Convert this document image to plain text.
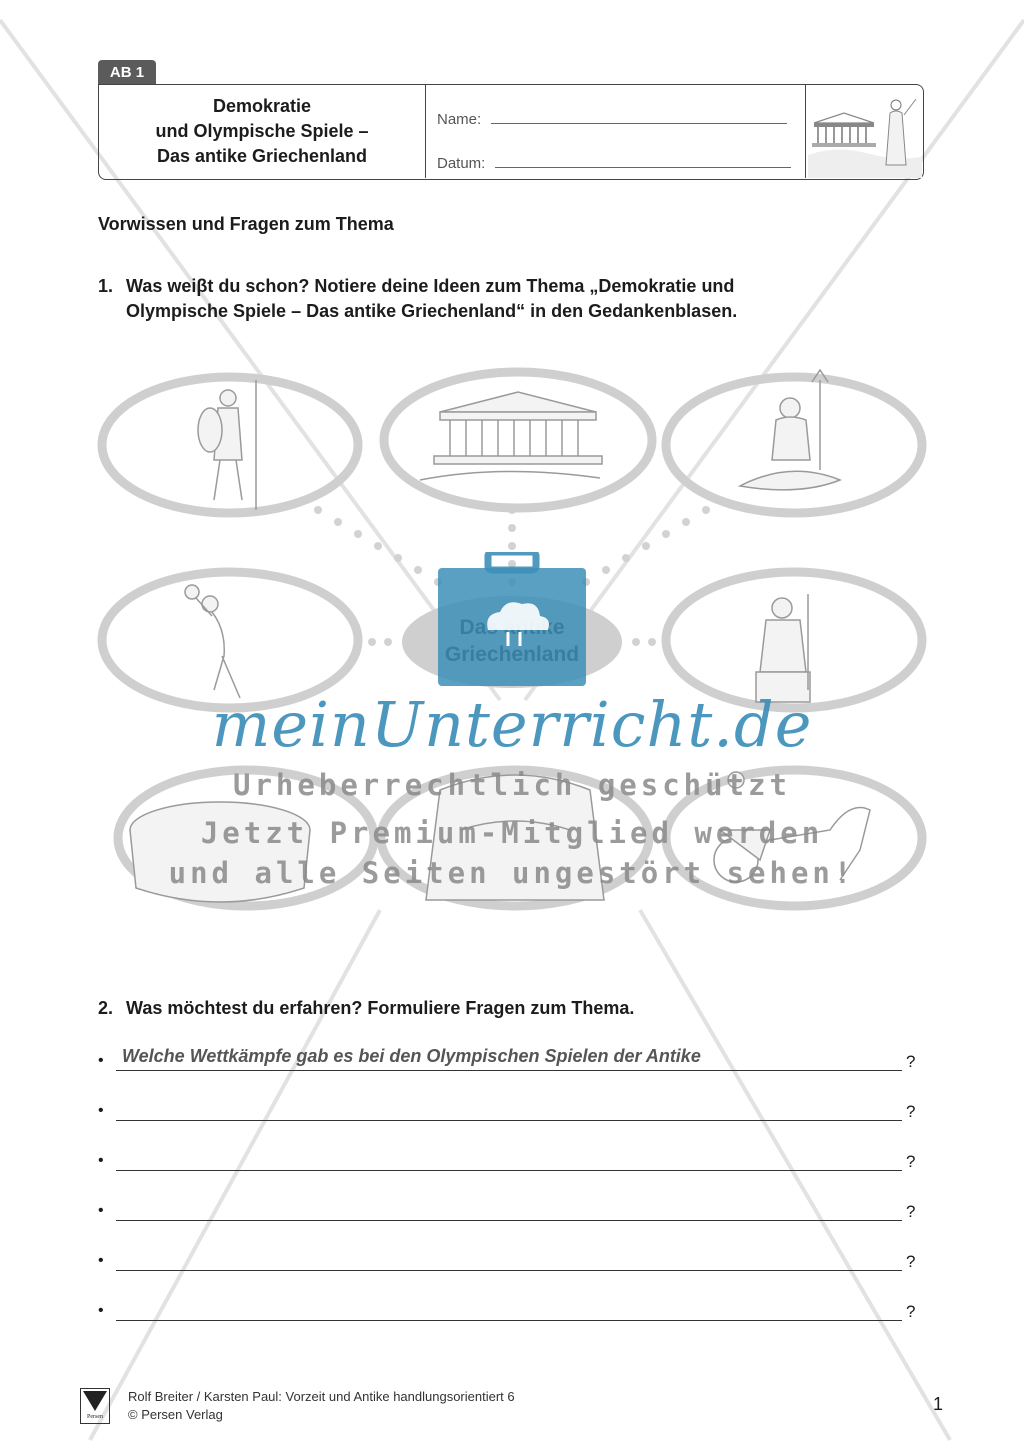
AB 1
Demokratie
und Olympische Spiele –
Das antike Griechenland
Name:
Datum:
Vorwissen und Fragen zum Thema
1. Was weiβt du schon? Notiere deine Ideen zum Thema „Demokratie und
Olympische Spiele – Das antike Griechenland“ in den Gedankenblasen.
meinUnterricht.de
Urheberrechtlich geschützt
Jetzt Premium-Mitglied werden
und alle Seiten ungestört sehen!
2. Was möchtest du erfahren? Formuliere Fragen zum Thema.
• Welche Wettkämpfe gab es bei den Olympischen Spielen der Antike	?
•	?
•	?
•	?
•	?
•	?
Persen
Rolf Breiter / Karsten Paul: Vorzeit und Antike handlungsorientiert 6
© Persen Verlag
1
